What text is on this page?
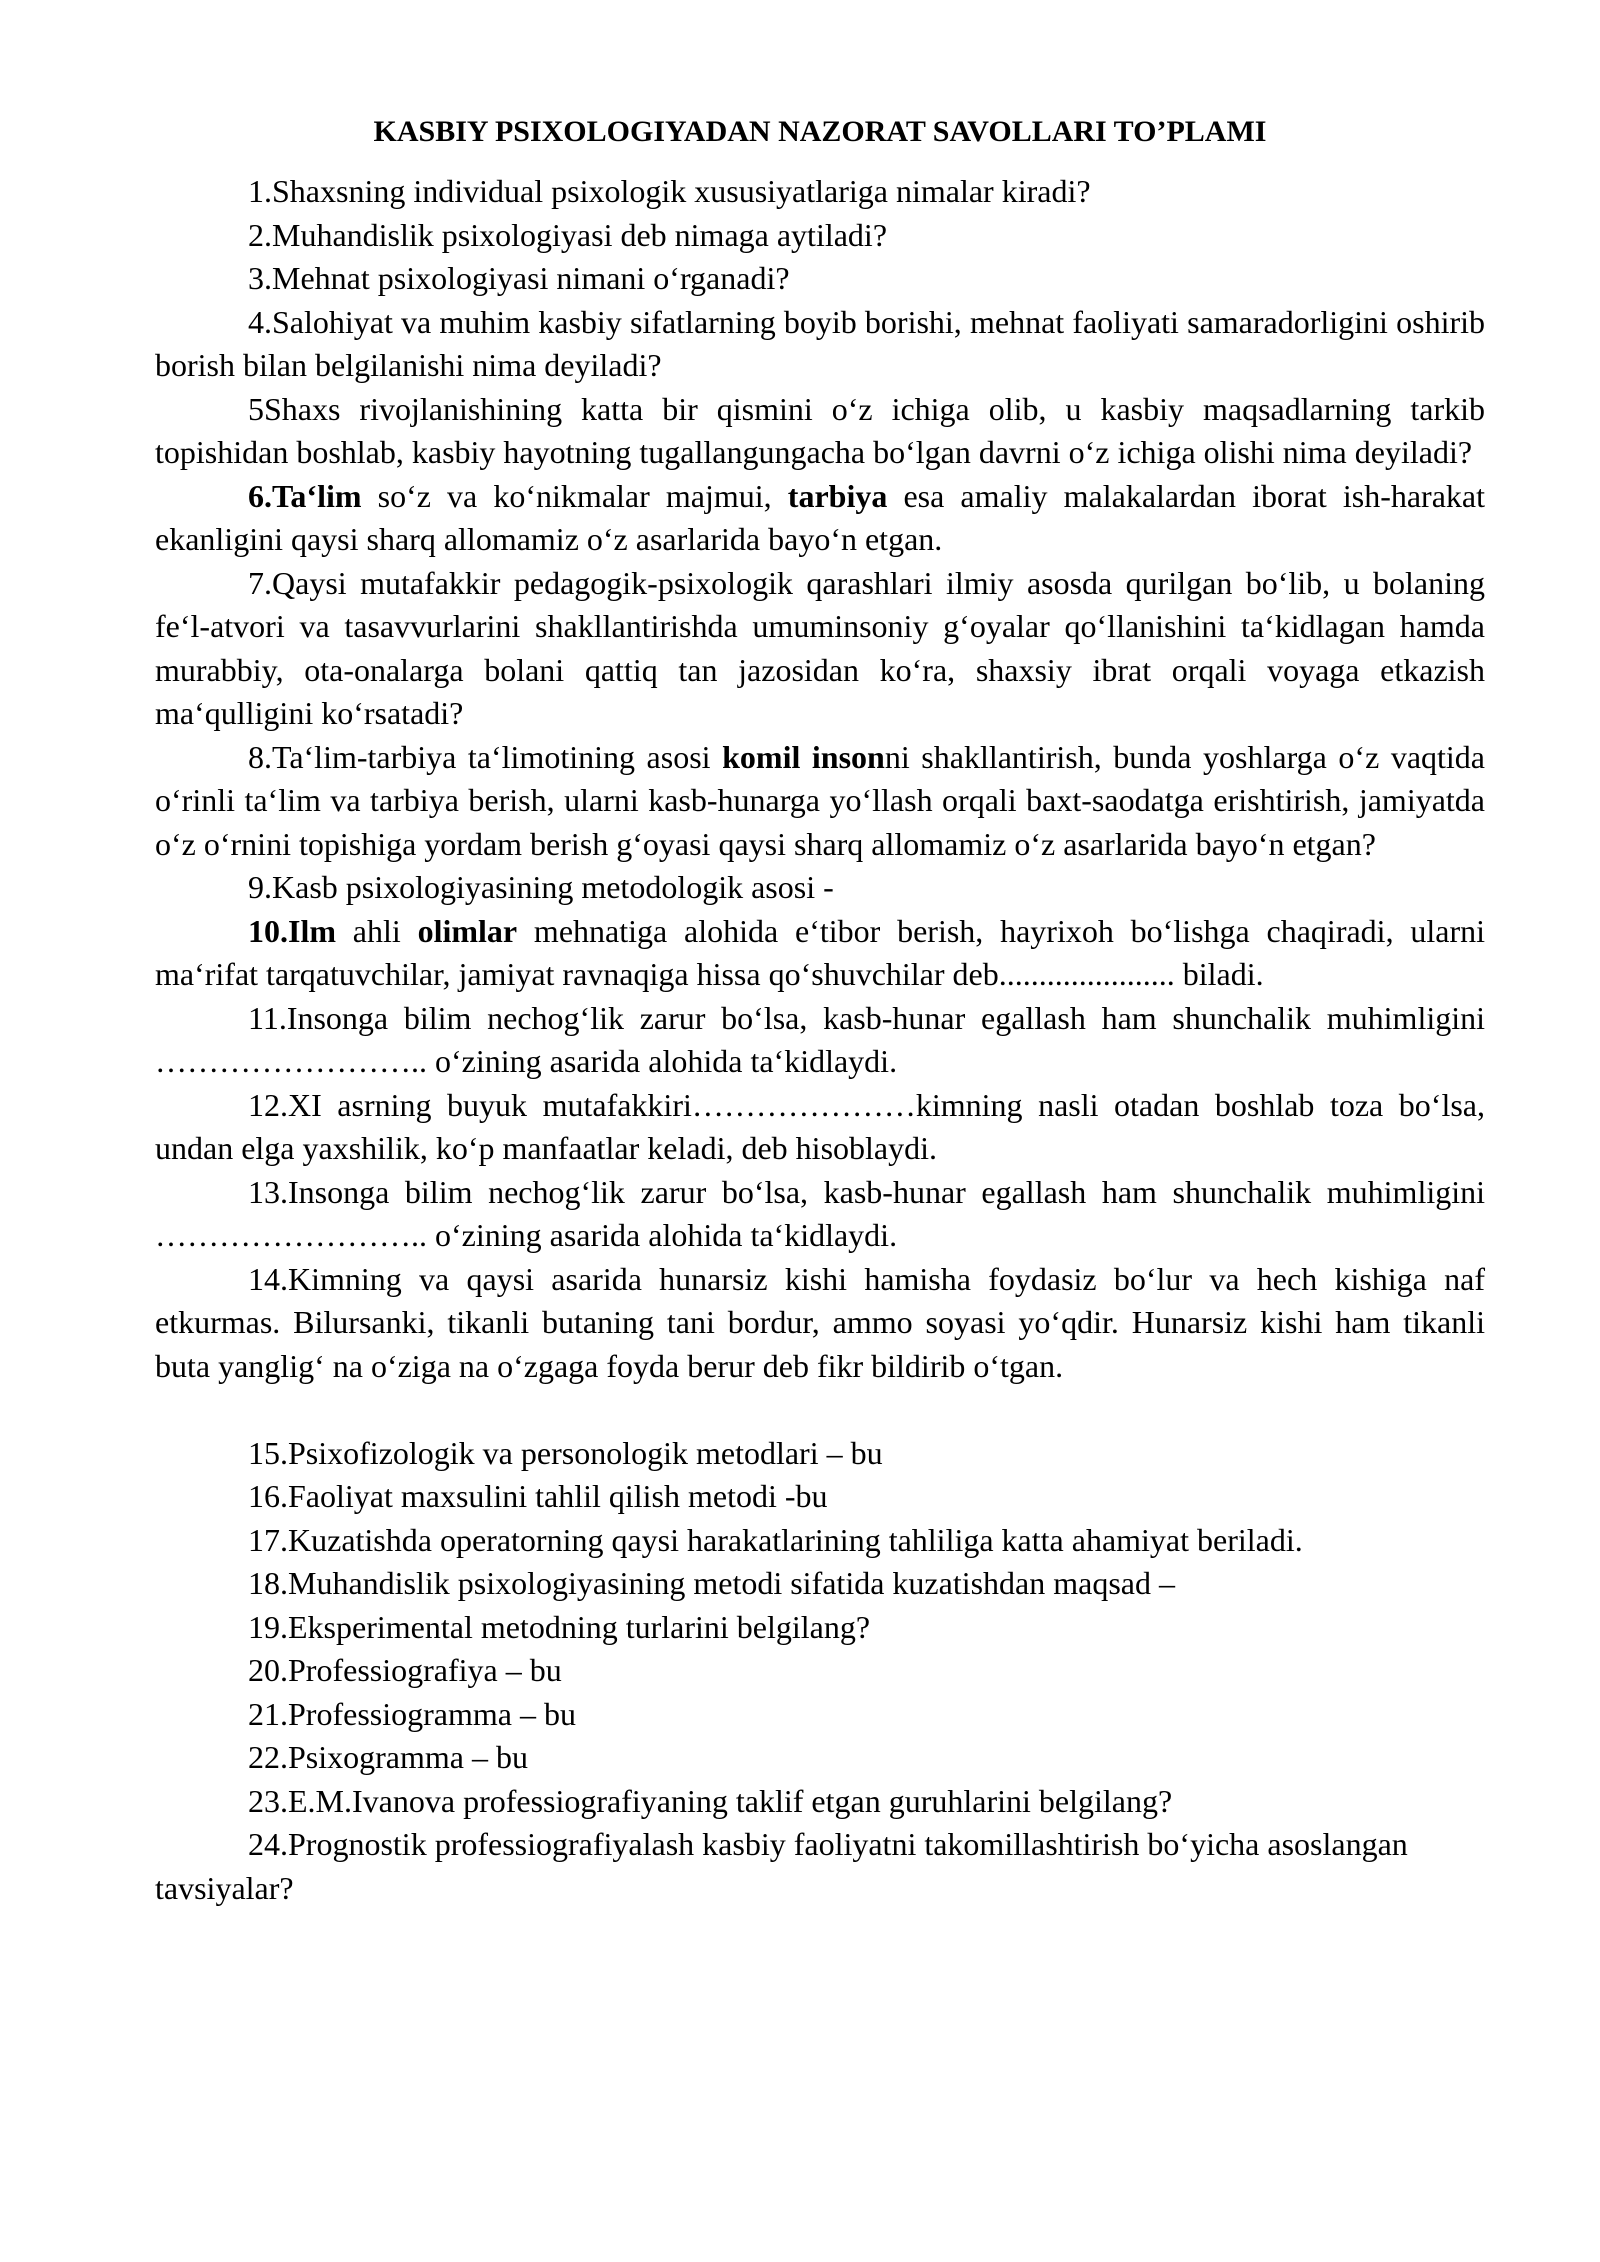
KASBIY PSIXOLOGIYADAN NAZORAT SAVOLLARI TO’PLAMI

1.Shaxsning individual psixologik xususiyatlariga nimalar kiradi?

2.Muhandislik psixologiyasi deb nimaga aytiladi?

3.Mehnat psixologiyasi nimani o‘rganadi?

4.Salohiyat va muhim kasbiy sifatlarning boyib borishi, mehnat faoliyati samaradorligini oshirib borish bilan belgilanishi nima deyiladi?

5Shaxs rivojlanishining katta bir qismini o‘z ichiga olib, u kasbiy maqsadlarning tarkib topishidan boshlab, kasbiy hayotning tugallangungacha bo‘lgan davrni o‘z ichiga olishi nima deyiladi?

6.Ta‘lim so‘z va ko‘nikmalar majmui, tarbiya esa amaliy malakalardan iborat ish-harakat ekanligini qaysi sharq allomamiz o‘z asarlarida bayo‘n etgan.

7.Qaysi mutafakkir pedagogik-psixologik qarashlari ilmiy asosda qurilgan bo‘lib, u bolaning fe‘l-atvori va tasavvurlarini shakllantirishda umuminsoniy g‘oyalar qo‘llanishini ta‘kidlagan hamda murabbiy, ota-onalarga bolani qattiq tan jazosidan ko‘ra, shaxsiy ibrat orqali voyaga etkazish ma‘qulligini ko‘rsatadi?

8.Ta‘lim-tarbiya ta‘limotining asosi komil insonni shakllantirish, bunda yoshlarga o‘z vaqtida o‘rinli ta‘lim va tarbiya berish, ularni kasb-hunarga yo‘llash orqali baxt-saodatga erishtirish, jamiyatda o‘z o‘rnini topishiga yordam berish g‘oyasi qaysi sharq allomamiz o‘z asarlarida bayo‘n etgan?

9.Kasb psixologiyasining metodologik asosi -

10.Ilm ahli olimlar mehnatiga alohida e‘tibor berish, hayrixoh bo‘lishga chaqiradi, ularni ma‘rifat tarqatuvchilar, jamiyat ravnaqiga hissa qo‘shuvchilar deb...................... biladi.

11.Insonga bilim nechog‘lik zarur bo‘lsa, kasb-hunar egallash ham shunchalik muhimligini …………………….. o‘zining asarida alohida ta‘kidlaydi.

12.XI asrning buyuk mutafakkiri…………………kimning nasli otadan boshlab toza bo‘lsa, undan elga yaxshilik, ko‘p manfaatlar keladi, deb hisoblaydi.

13.Insonga bilim nechog‘lik zarur bo‘lsa, kasb-hunar egallash ham shunchalik muhimligini …………………….. o‘zining asarida alohida ta‘kidlaydi.

14.Kimning va qaysi asarida hunarsiz kishi hamisha foydasiz bo‘lur va hech kishiga naf etkurmas. Bilursanki, tikanli butaning tani bordur, ammo soyasi yo‘qdir. Hunarsiz kishi ham tikanli buta yanglig‘ na o‘ziga na o‘zgaga foyda berur deb fikr bildirib o‘tgan.

15.Psixofizologik va personologik metodlari – bu

16.Faoliyat maxsulini tahlil qilish metodi -bu

17.Kuzatishda operatorning qaysi harakatlarining tahliliga katta ahamiyat beriladi.

18.Muhandislik psixologiyasining metodi sifatida kuzatishdan maqsad –

19.Eksperimental metodning turlarini belgilang?

20.Professiografiya – bu

21.Professiogramma – bu

22.Psixogramma – bu

23.E.M.Ivanova professiografiyaning taklif etgan guruhlarini belgilang?

24.Prognostik professiografiyalash kasbiy faoliyatni takomillashtirish bo‘yicha asoslangan tavsiyalar?
